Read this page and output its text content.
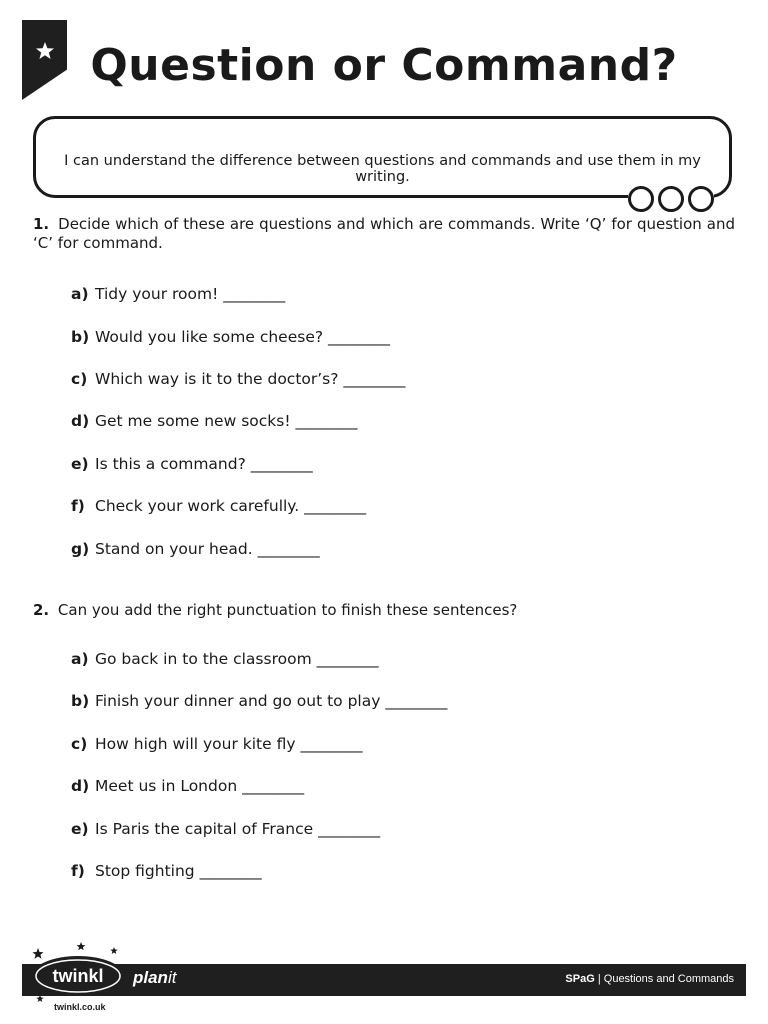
Question or Command?
I can understand the difference between questions and commands and use them in my writing.
1. Decide which of these are questions and which are commands. Write ‘Q’ for question and ‘C’ for command.
a) Tidy your room! ________
b) Would you like some cheese? ________
c) Which way is it to the doctor’s? ________
d) Get me some new socks! ________
e) Is this a command? ________
f) Check your work carefully. ________
g) Stand on your head. ________
2. Can you add the right punctuation to finish these sentences?
a) Go back in to the classroom ________
b) Finish your dinner and go out to play ________
c) How high will your kite fly ________
d) Meet us in London ________
e) Is Paris the capital of France ________
f) Stop fighting ________
SPaG | Questions and Commands
planit
twinkl
twinkl.co.uk
